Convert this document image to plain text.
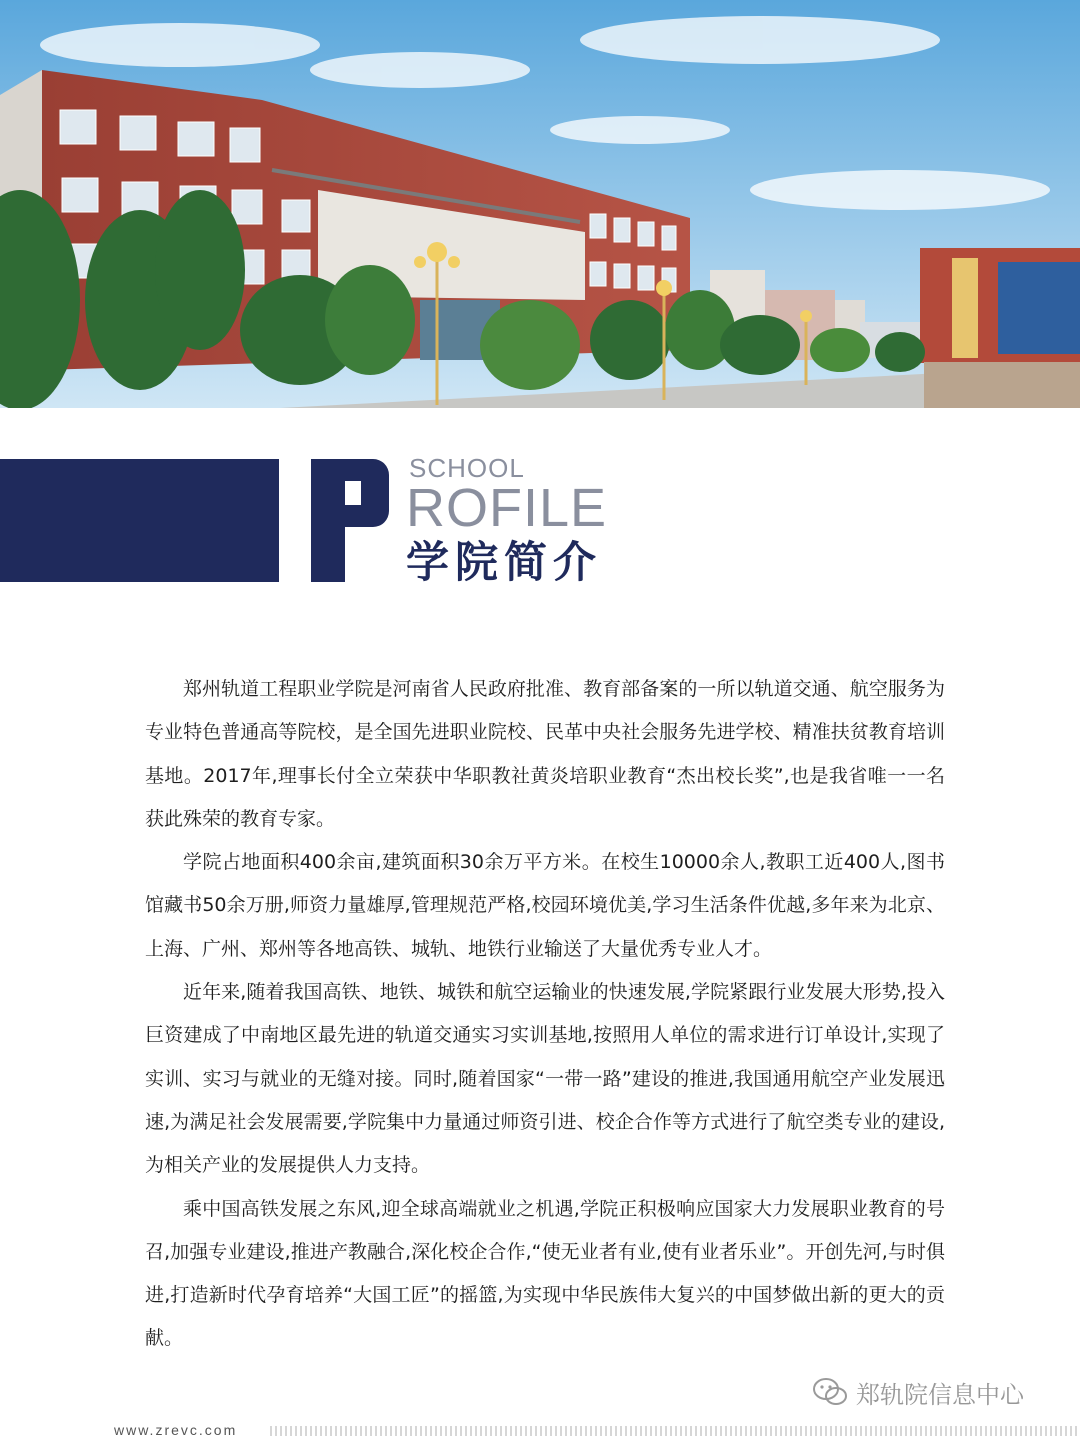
SCHOOL
ROFILE
学院简介

郑州轨道工程职业学院是河南省人民政府批准、教育部备案的一所以轨道交通、航空服务为专业特色普通高等院校，是全国先进职业院校、民革中央社会服务先进学校、精准扶贫教育培训基地。2017年,理事长付全立荣获中华职教社黄炎培职业教育“杰出校长奖”,也是我省唯一一名获此殊荣的教育专家。

学院占地面积400余亩,建筑面积30余万平方米。在校生10000余人,教职工近400人,图书馆藏书50余万册,师资力量雄厚,管理规范严格,校园环境优美,学习生活条件优越,多年来为北京、上海、广州、郑州等各地高铁、城轨、地铁行业输送了大量优秀专业人才。

近年来,随着我国高铁、地铁、城铁和航空运输业的快速发展,学院紧跟行业发展大形势,投入巨资建成了中南地区最先进的轨道交通实习实训基地,按照用人单位的需求进行订单设计,实现了实训、实习与就业的无缝对接。同时,随着国家“一带一路”建设的推进,我国通用航空产业发展迅速,为满足社会发展需要,学院集中力量通过师资引进、校企合作等方式进行了航空类专业的建设,为相关产业的发展提供人力支持。

乘中国高铁发展之东风,迎全球高端就业之机遇,学院正积极响应国家大力发展职业教育的号召,加强专业建设,推进产教融合,深化校企合作,“使无业者有业,使有业者乐业”。开创先河,与时俱进,打造新时代孕育培养“大国工匠”的摇篮,为实现中华民族伟大复兴的中国梦做出新的更大的贡献。

郑轨院信息中心
www.zrevc.com
